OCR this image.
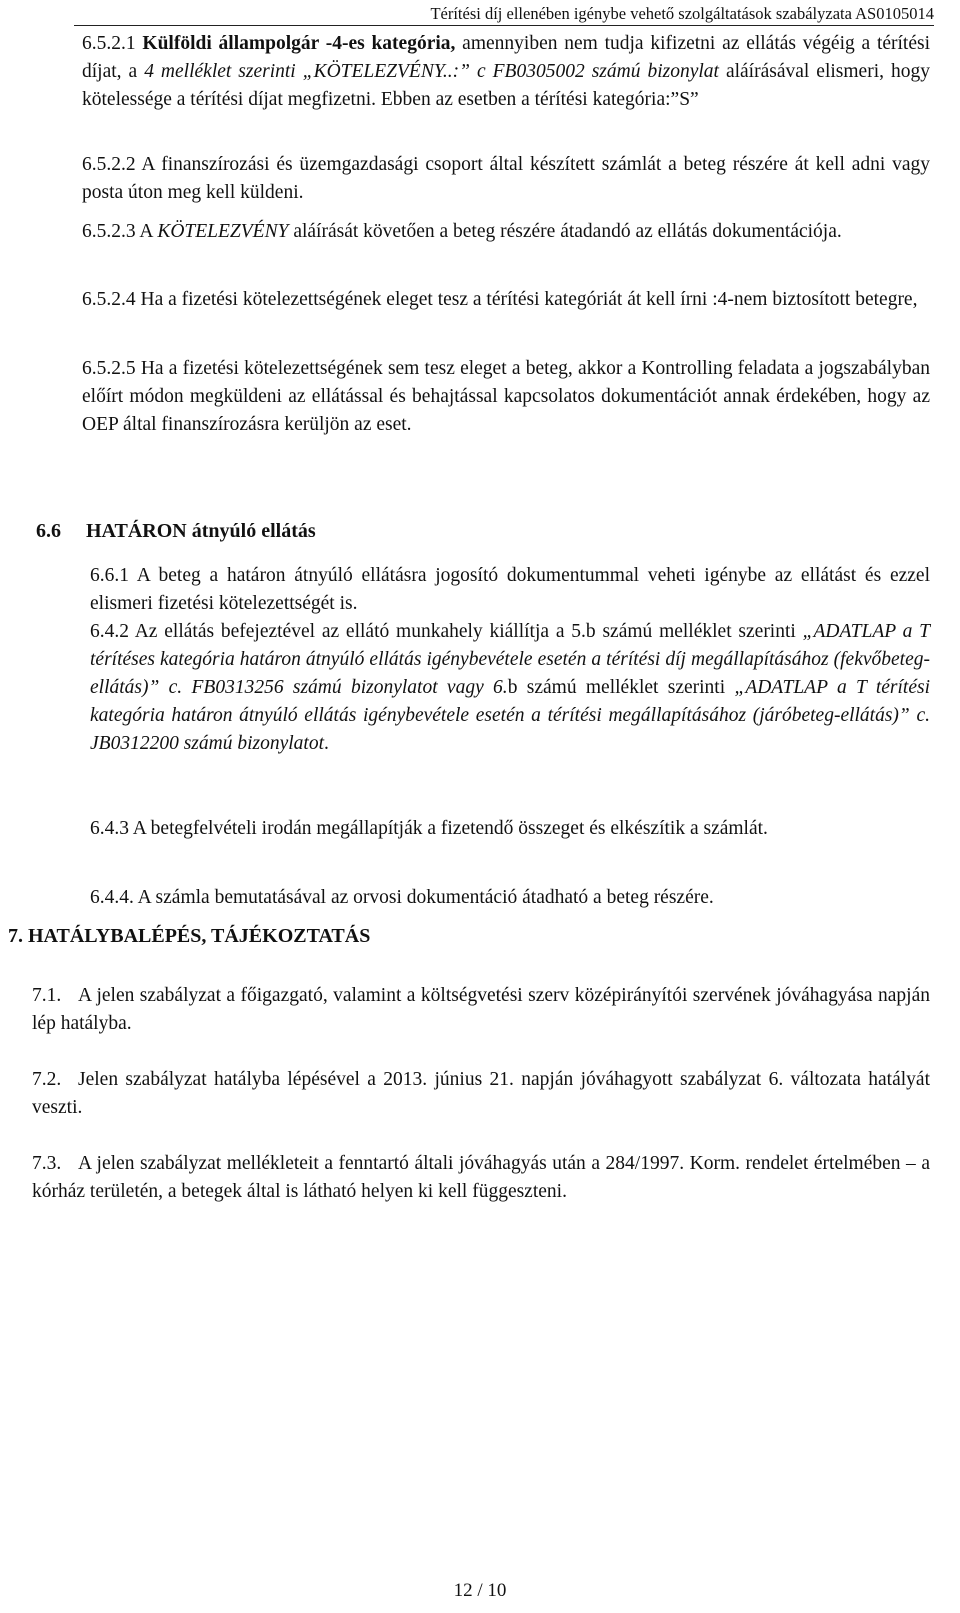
Térítési díj ellenében igénybe vehető szolgáltatások szabályzata AS0105014
6.5.2.1 Külföldi állampolgár -4-es kategória, amennyiben nem tudja kifizetni az ellátás végéig a térítési díjat, a 4 melléklet szerinti „KÖTELEZVÉNY..:” c FB0305002 számú bizonylat aláírásával elismeri, hogy kötelessége a térítési díjat megfizetni. Ebben az esetben a térítési kategória:”S”
6.5.2.2 A finanszírozási és üzemgazdasági csoport által készített számlát a beteg részére át kell adni vagy posta úton meg kell küldeni.
6.5.2.3 A KÖTELEZVÉNY aláírását követően a beteg részére átadandó az ellátás dokumentációja.
6.5.2.4 Ha a fizetési kötelezettségének eleget tesz a térítési kategóriát át kell írni :4-nem biztosított betegre,
6.5.2.5 Ha a fizetési kötelezettségének sem tesz eleget a beteg, akkor a Kontrolling feladata a jogszabályban előírt módon megküldeni az ellátással és behajtással kapcsolatos dokumentációt annak érdekében, hogy az OEP által finanszírozásra kerüljön az eset.
6.6 HATÁRON átnyúló ellátás
6.6.1 A beteg a határon átnyúló ellátásra jogosító dokumentummal veheti igénybe az ellátást és ezzel elismeri fizetési kötelezettségét is.
6.4.2 Az ellátás befejeztével az ellátó munkahely kiállítja a 5.b számú melléklet szerinti „ADATLAP a T térítéses kategória határon átnyúló ellátás igénybevétele esetén a térítési díj megállapításához (fekvőbeteg-ellátás)” c. FB0313256 számú bizonylatot vagy 6.b számú melléklet szerinti „ADATLAP a T térítési kategória határon átnyúló ellátás igénybevétele esetén a térítési megállapításához (járóbeteg-ellátás)” c. JB0312200 számú bizonylatot.
6.4.3 A betegfelvételi irodán megállapítják a fizetendő összeget és elkészítik a számlát.
6.4.4. A számla bemutatásával az orvosi dokumentáció átadható a beteg részére.
7. HATÁLYBALÉPÉS, TÁJÉKOZTATÁS
7.1. A jelen szabályzat a főigazgató, valamint a költségvetési szerv középirányítói szervének jóváhagyása napján lép hatályba.
7.2. Jelen szabályzat hatályba lépésével a 2013. június 21. napján jóváhagyott szabályzat 6. változata hatályát veszti.
7.3. A jelen szabályzat mellékleteit a fenntartó általi jóváhagyás után a 284/1997. Korm. rendelet értelmében – a kórház területén, a betegek által is látható helyen ki kell függeszteni.
12 / 10
